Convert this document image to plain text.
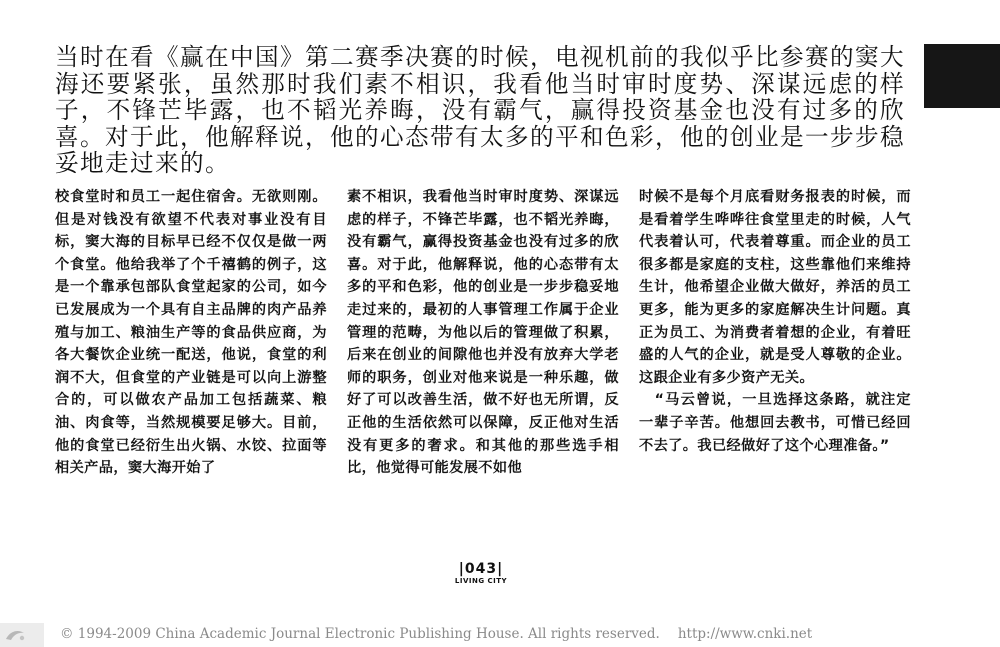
当时在看《赢在中国》第二赛季决赛的时候，电视机前的我似乎比参赛的窦大海还要紧张，虽然那时我们素不相识，我看他当时审时度势、深谋远虑的样子，不锋芒毕露，也不韬光养晦，没有霸气，赢得投资基金也没有过多的欣喜。对于此，他解释说，他的心态带有太多的平和色彩，他的创业是一步步稳妥地走过来的。

校食堂时和员工一起住宿舍。无欲则刚。但是对钱没有欲望不代表对事业没有目标，窦大海的目标早已经不仅仅是做一两个食堂。他给我举了个千禧鹤的例子，这是一个靠承包部队食堂起家的公司，如今已发展成为一个具有自主品牌的肉产品养殖与加工、粮油生产等的食品供应商，为各大餐饮企业统一配送，他说，食堂的利润不大，但食堂的产业链是可以向上游整合的，可以做农产品加工包括蔬菜、粮油、肉食等，当然规模要足够大。目前，他的食堂已经衍生出火锅、水饺、拉面等相关产品，窦大海开始了

素不相识，我看他当时审时度势、深谋远虑的样子，不锋芒毕露，也不韬光养晦，没有霸气，赢得投资基金也没有过多的欣喜。对于此，他解释说，他的心态带有太多的平和色彩，他的创业是一步步稳妥地走过来的，最初的人事管理工作属于企业管理的范畴，为他以后的管理做了积累，后来在创业的间隙他也并没有放弃大学老师的职务，创业对他来说是一种乐趣，做好了可以改善生活，做不好也无所谓，反正他的生活依然可以保障，反正他对生活没有更多的奢求。和其他的那些选手相比，他觉得可能发展不如他

时候不是每个月底看财务报表的时候，而是看着学生哗哗往食堂里走的时候，人气代表着认可，代表着尊重。而企业的员工很多都是家庭的支柱，这些靠他们来维持生计，他希望企业做大做好，养活的员工更多，能为更多的家庭解决生计问题。真正为员工、为消费者着想的企业，有着旺盛的人气的企业，就是受人尊敬的企业。这跟企业有多少资产无关。

“马云曾说，一旦选择这条路，就注定一辈子辛苦。他想回去教书，可惜已经回不去了。我已经做好了这个心理准备。”

|043|
LIVING CITY
© 1994-2009 China Academic Journal Electronic Publishing House. All rights reserved. http://www.cnki.net
